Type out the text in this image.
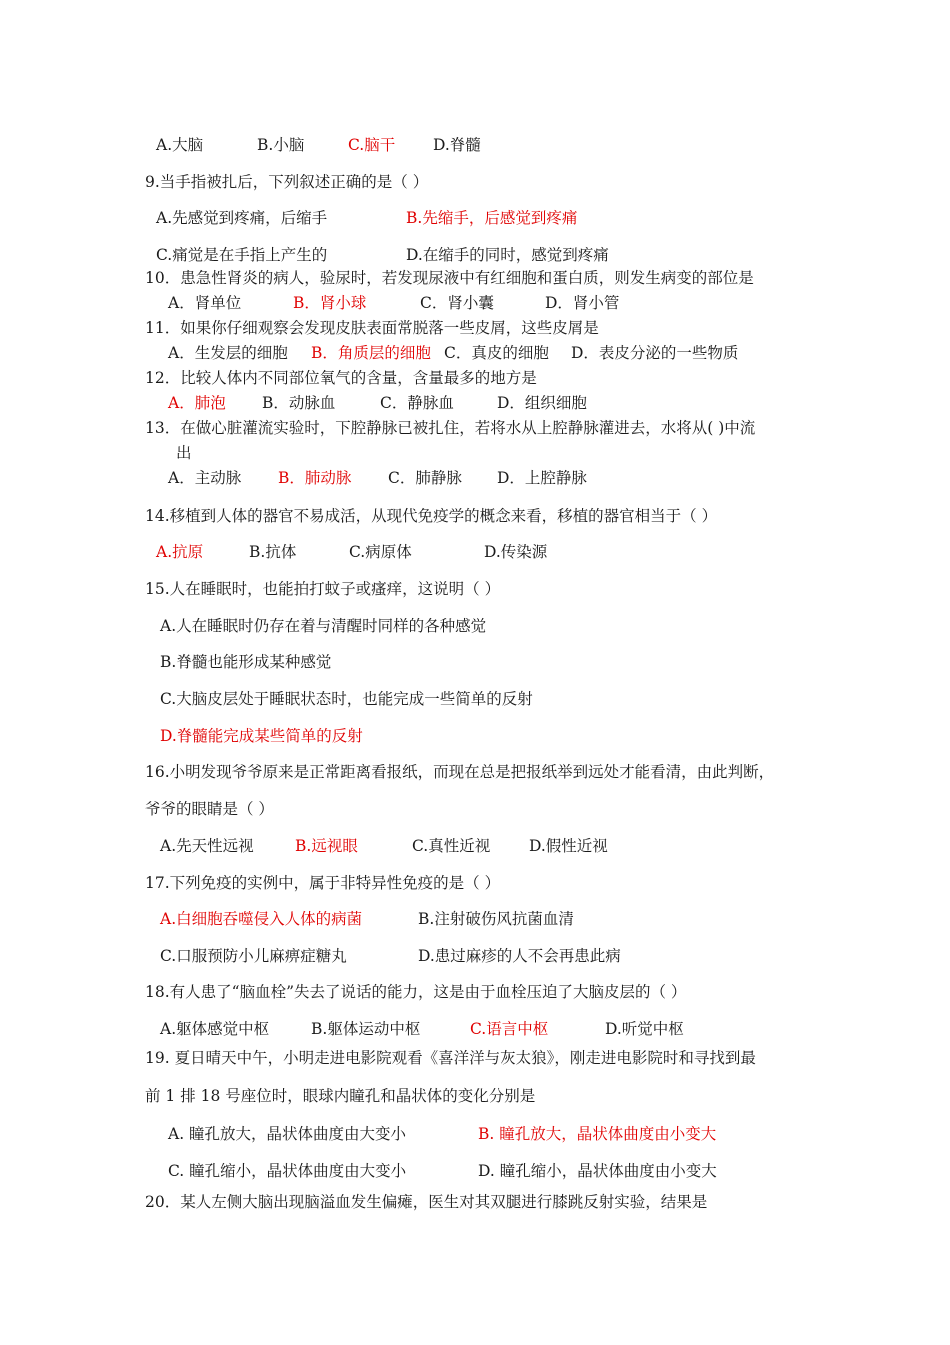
A.大脑	B.小脑	C.脑干 D.脊髓
9.当手指被扎后，下列叙述正确的是（ ）
A.先感觉到疼痛，后缩手	B.先缩手，后感觉到疼痛
C.痛觉是在手指上产生的	D.在缩手的同时，感觉到疼痛
10．患急性肾炎的病人，验尿时，若发现尿液中有红细胞和蛋白质，则发生病变的部位是
A．肾单位	B．肾小球	C．肾小囊	D．肾小管
11．如果你仔细观察会发现皮肤表面常脱落一些皮屑，这些皮屑是
A．生发层的细胞 B．角质层的细胞 C．真皮的细胞 D．表皮分泌的一些物质
12．比较人体内不同部位氧气的含量，含量最多的地方是
A．肺泡 B．动脉血	C．静脉血	D．组织细胞
13．在做心脏灌流实验时，下腔静脉已被扎住，若将水从上腔静脉灌进去，水将从( )中流
出
A．主动脉 B．肺动脉 C．肺静脉 D．上腔静脉
14.移植到人体的器官不易成活，从现代免疫学的概念来看，移植的器官相当于（ ）
A.抗原	B.抗体	C.病原体	D.传染源
15.人在睡眠时，也能拍打蚊子或瘙痒，这说明（ ）
A.人在睡眠时仍存在着与清醒时同样的各种感觉
B.脊髓也能形成某种感觉
C.大脑皮层处于睡眠状态时，也能完成一些简单的反射
D.脊髓能完成某些简单的反射
16.小明发现爷爷原来是正常距离看报纸，而现在总是把报纸举到远处才能看清，由此判断，
爷爷的眼睛是（ ）
A.先天性远视	B.远视眼	C.真性近视	D.假性近视
17.下列免疫的实例中，属于非特异性免疫的是（ ）
A.白细胞吞噬侵入人体的病菌	B.注射破伤风抗菌血清
C.口服预防小儿麻痹症糖丸	D.患过麻疹的人不会再患此病
18.有人患了“脑血栓”失去了说话的能力，这是由于血栓压迫了大脑皮层的（ ）
A.躯体感觉中枢	B.躯体运动中枢	C.语言中枢	D.听觉中枢
19. 夏日晴天中午，小明走进电影院观看《喜洋洋与灰太狼》，刚走进电影院时和寻找到最
前 1 排 18 号座位时，眼球内瞳孔和晶状体的变化分别是
A. 瞳孔放大，晶状体曲度由大变小	B. 瞳孔放大，晶状体曲度由小变大
C. 瞳孔缩小，晶状体曲度由大变小	D. 瞳孔缩小，晶状体曲度由小变大
20．某人左侧大脑出现脑溢血发生偏瘫，医生对其双腿进行膝跳反射实验，结果是
